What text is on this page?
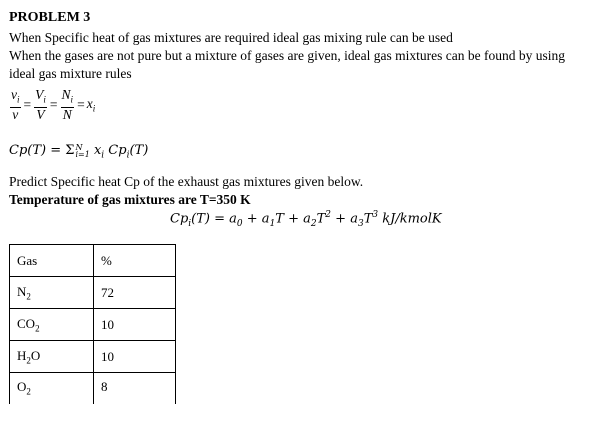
PROBLEM 3
When Specific heat of gas mixtures are required ideal gas mixing rule can be used
When the gases are not pure but a mixture of gases are given, ideal gas mixtures can be found by using
ideal gas mixture rules
$\frac{v_i}{v} = \frac{V_i}{V} = \frac{N_i}{N} = x_i$
Cp(T) = Σ N
i=1 $x_i$ $Cp_i(T)$
Predict Specific heat Cp of the exhaust gas mixtures given below.
Temperature of gas mixtures are T=350 K
$Cp_i(T) = a_0 + a_1T + a_2T^2 + a_3T^3$ kJ/kmolK
Gas	%
$N_2$	72
$CO_2$	10
$H_2O$	10
$O_2$	8
